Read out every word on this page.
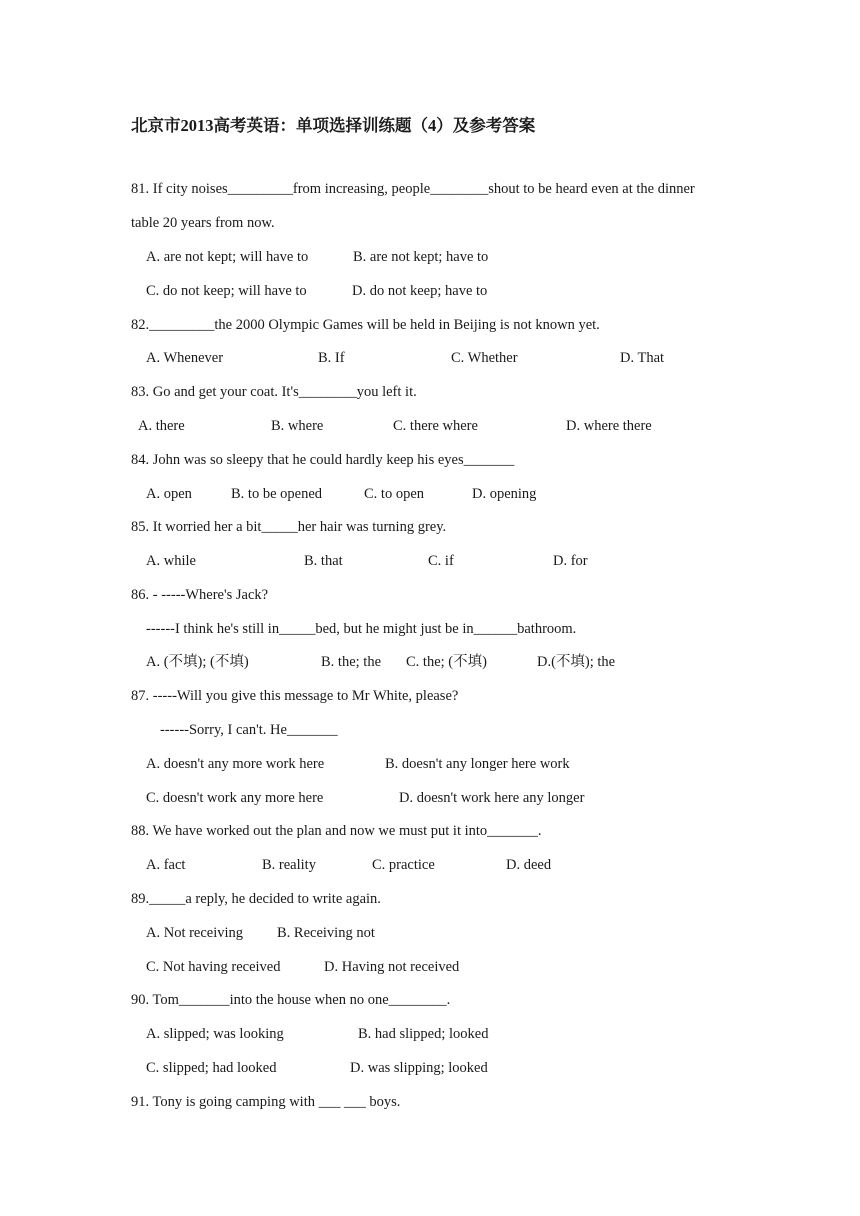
北京市2013高考英语：单项选择训练题（4）及参考答案
81. If city noises_________from increasing, people________shout to be heard even at the dinner
table 20 years from now.
A. are not kept; will have to	B. are not kept; have to
C. do not keep; will have to	D. do not keep; have to
82._________the 2000 Olympic Games will be held in Beijing is not known yet.
A. Whenever	B. If	C. Whether	D. That
83. Go and get your coat. It's________you left it.
A. there	B. where	C. there where	D. where there
84. John was so sleepy that he could hardly keep his eyes_______
A. open	B. to be opened	C. to open	D. opening
85. It worried her a bit_____her hair was turning grey.
A. while	B. that	C. if	D. for
86. - -----Where's Jack?
------I think he's still in_____bed, but he might just be in______bathroom.
A. (不填); (不填)	B. the; the C. the; (不填)	D.(不填); the
87. -----Will you give this message to Mr White, please?
------Sorry, I can't. He_______
A. doesn't any more work here	B. doesn't any longer here work
C. doesn't work any more here	D. doesn't work here any longer
88. We have worked out the plan and now we must put it into_______.
A. fact	B. reality	C. practice	D. deed
89._____a reply, he decided to write again.
A. Not receiving B. Receiving not
C. Not having received	D. Having not received
90. Tom_______into the house when no one________.
A. slipped; was looking	B. had slipped; looked
C. slipped; had looked	D. was slipping; looked
91. Tony is going camping with ___ ___ boys.
